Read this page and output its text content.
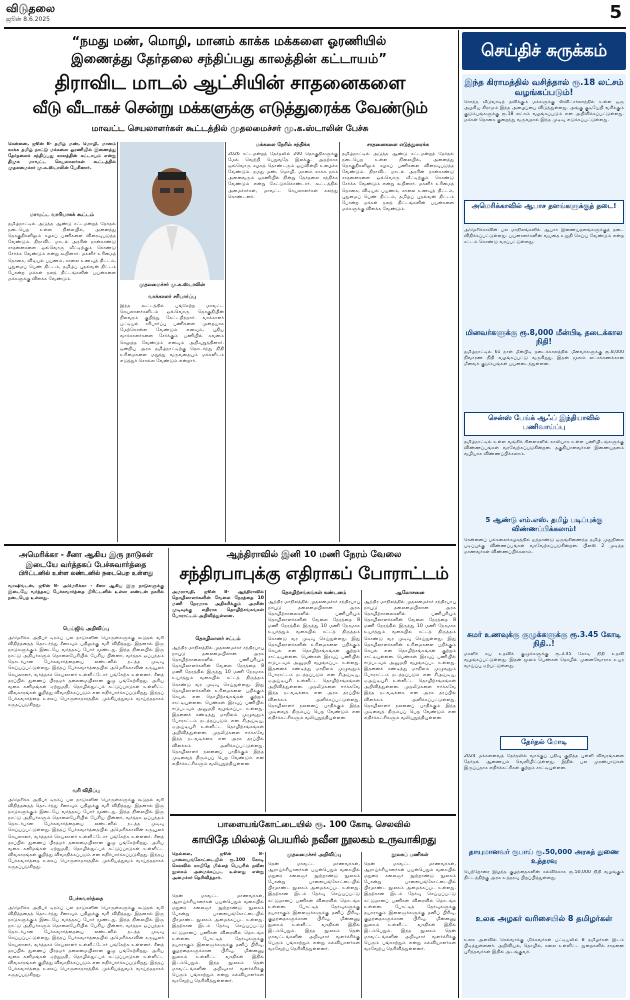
விடுதலை
ஜூன் 8.6.2025	5
“நமது மண், மொழி, மானம் காக்க மக்களை ஓரணியில்
இணைத்து தேர்தலை சந்திப்பது காலத்தின் கட்டாயம்”
திராவிட மாடல் ஆட்சியின் சாதனைகளை
வீடு வீடாகச் சென்று மக்களுக்கு எடுத்துரைக்க வேண்டும்
மாவட்ட செயலாளர்கள் கூட்டத்தில் முதலமைச்சர் மு.க.ஸ்டாலின் பேச்சு
சென்னை, ஜூன் 8- தமிழ் மண், மொழி, மானம் காக்க தமிழ் நாட்டு மக்களை ஓரணியில் இணைத்து தேர்தலைச் சந்திப்பது காலத்தின் கட்டாயம் என்று திமுக மாவட்ட செயலாளர்கள் கூட்டத்தில் முதலமைச்சர் மு.க.ஸ்டாலின் பேசினார்.
மாவட்ட வாரியாகக் கூட்டம்
தமிழ்நாட்டில் அடுத்த ஆண்டு சட்டமன்றத் தேர்தல் நடைபெற உள்ள நிலையில், அனைத்து தொகுதிகளிலும் கழகப் பணிகளை விரைவுபடுத்த வேண்டும். திராவிட மாடல் அரசின் நான்காண்டு சாதனைகளை ஒவ்வொரு வீட்டிற்கும் கொண்டு சேர்க்க வேண்டும் என்று கூறினார். மகளிர் உரிமைத் தொகை, விடியல் பயணம், காலை உணவுத் திட்டம், புதுமைப் பெண் திட்டம், தமிழ்ப் புதல்வன் திட்டம் போன்ற மக்கள் நலத் திட்டங்களின் பயன்களை மக்களுக்கு விளக்க வேண்டும்.
முதலமைச்சர் மு.க.ஸ்டாலின்
வாக்காளர் சரிபார்ப்பு
இந்த கூட்டத்தில் பங்கேற்ற மாவட்ட செயலாளர்களிடம் ஒவ்வொரு தொகுதியின் நிலவரம் குறித்து கேட்டறிந்தார். வாக்காளர் பட்டியல் சரிபார்ப்பு பணிகளை முறையாக மேற்கொள்ள வேண்டும் எனவும், புதிய வாக்காளர்களை சேர்க்கும் பணியில் கவனம் செலுத்த வேண்டும் எனவும் அறிவுறுத்தினார். ஒன்றிய அரசு தமிழ்நாட்டிற்கு தொடர்ந்து நிதி உரிமைகளை மறுத்து வருவதையும் மக்களிடம் எடுத்துச் சொல்ல வேண்டும் என்றார்.
மக்களை நேரில் சந்திக்க
2026 சட்டமன்றத் தேர்தலில் 200 தொகுதிகளுக்கு மேல் வெற்றி பெறுவதே இலக்கு. அதற்காக ஒவ்வொரு கழகத் தொண்டரும் ஓய்வின்றி உழைக்க வேண்டும். நமது மண், மொழி, மானம் காக்க நாம் அனைவரும் ஓரணியில் நின்று தேர்தலை சந்திக்க வேண்டும் என்று கேட்டுக்கொண்டார். கூட்டத்தில் அமைச்சர்கள், மாவட்ட செயலாளர்கள் கலந்து கொண்டனர்.
சாதனைகளை எடுத்துரைக்க
தமிழ்நாட்டில் அடுத்த ஆண்டு சட்டமன்றத் தேர்தல் நடைபெற உள்ள நிலையில், அனைத்து தொகுதிகளிலும் கழகப் பணிகளை விரைவுபடுத்த வேண்டும். திராவிட மாடல் அரசின் நான்காண்டு சாதனைகளை ஒவ்வொரு வீட்டிற்கும் கொண்டு சேர்க்க வேண்டும் என்று கூறினார். மகளிர் உரிமைத் தொகை, விடியல் பயணம், காலை உணவுத் திட்டம், புதுமைப் பெண் திட்டம், தமிழ்ப் புதல்வன் திட்டம் போன்ற மக்கள் நலத் திட்டங்களின் பயன்களை மக்களுக்கு விளக்க வேண்டும்.
அமெரிக்கா - சீனா ஆகிய இரு நாடுகள்
இடையே வர்த்தகப் பேச்சுவார்த்தை
பிரிட்டனில் உள்ள லண்டனில் நடைபெற உள்ளது
வாஷிங்டன், ஜூன் 8- அமெரிக்கா - சீனா ஆகிய இரு நாடுகளுக்கு இடையே வர்த்தகப் பேச்சுவார்த்தை பிரிட்டனில் உள்ள லண்டன் நகரில் நடைபெற உள்ளது.
பெய்ஜிங் அறிவிப்பு
அமெரிக்க அதிபர் டிரம்ப் பல நாடுகளின் பொருள்களுக்கு கூடுதல் வரி விதித்ததைத் தொடர்ந்து சீனாவும் பதிலுக்கு வரி விதித்தது. இதனால் இரு நாடுகளுக்கும் இடையே வர்த்தகப் போர் மூண்டது. இந்த நிலையில் இரு நாட்டு அதிபர்களும் தொலைபேசியில் பேசிய பின்னர், வர்த்தக ஒப்பந்தம் தொடர்பான பேச்சுவார்த்தையை லண்டனில் நடத்த முடிவு செய்யப்பட்டுள்ளது. இந்தப் பேச்சுவார்த்தையில் அமெரிக்காவின் கருவூலச் செயலாளர், வர்த்தகச் செயலாளர் உள்ளிட்டோர் பங்கேற்க உள்ளனர். சீனத் தரப்பில் துணைப் பிரதமர் தலைமையிலான குழு பங்கேற்கிறது. அரிய வகை கனிமங்கள் ஏற்றுமதி, தொழில்நுட்பக் கட்டுப்பாடுகள் உள்ளிட்ட விவகாரங்கள் குறித்து விவாதிக்கப்படும் என எதிர்பார்க்கப்படுகிறது. இந்தப் பேச்சுவார்த்தை உலகப் பொருளாதாரத்தில் முக்கியத்துவம் வாய்ந்ததாகக் கருதப்படுகிறது.
வரி விதிப்பு
அமெரிக்க அதிபர் டிரம்ப் பல நாடுகளின் பொருள்களுக்கு கூடுதல் வரி விதித்ததைத் தொடர்ந்து சீனாவும் பதிலுக்கு வரி விதித்தது. இதனால் இரு நாடுகளுக்கும் இடையே வர்த்தகப் போர் மூண்டது. இந்த நிலையில் இரு நாட்டு அதிபர்களும் தொலைபேசியில் பேசிய பின்னர், வர்த்தக ஒப்பந்தம் தொடர்பான பேச்சுவார்த்தையை லண்டனில் நடத்த முடிவு செய்யப்பட்டுள்ளது. இந்தப் பேச்சுவார்த்தையில் அமெரிக்காவின் கருவூலச் செயலாளர், வர்த்தகச் செயலாளர் உள்ளிட்டோர் பங்கேற்க உள்ளனர். சீனத் தரப்பில் துணைப் பிரதமர் தலைமையிலான குழு பங்கேற்கிறது. அரிய வகை கனிமங்கள் ஏற்றுமதி, தொழில்நுட்பக் கட்டுப்பாடுகள் உள்ளிட்ட விவகாரங்கள் குறித்து விவாதிக்கப்படும் என எதிர்பார்க்கப்படுகிறது. இந்தப் பேச்சுவார்த்தை உலகப் பொருளாதாரத்தில் முக்கியத்துவம் வாய்ந்ததாகக் கருதப்படுகிறது.
பேச்சுவார்த்தை
அமெரிக்க அதிபர் டிரம்ப் பல நாடுகளின் பொருள்களுக்கு கூடுதல் வரி விதித்ததைத் தொடர்ந்து சீனாவும் பதிலுக்கு வரி விதித்தது. இதனால் இரு நாடுகளுக்கும் இடையே வர்த்தகப் போர் மூண்டது. இந்த நிலையில் இரு நாட்டு அதிபர்களும் தொலைபேசியில் பேசிய பின்னர், வர்த்தக ஒப்பந்தம் தொடர்பான பேச்சுவார்த்தையை லண்டனில் நடத்த முடிவு செய்யப்பட்டுள்ளது. இந்தப் பேச்சுவார்த்தையில் அமெரிக்காவின் கருவூலச் செயலாளர், வர்த்தகச் செயலாளர் உள்ளிட்டோர் பங்கேற்க உள்ளனர். சீனத் தரப்பில் துணைப் பிரதமர் தலைமையிலான குழு பங்கேற்கிறது. அரிய வகை கனிமங்கள் ஏற்றுமதி, தொழில்நுட்பக் கட்டுப்பாடுகள் உள்ளிட்ட விவகாரங்கள் குறித்து விவாதிக்கப்படும் என எதிர்பார்க்கப்படுகிறது. இந்தப் பேச்சுவார்த்தை உலகப் பொருளாதாரத்தில் முக்கியத்துவம் வாய்ந்ததாகக் கருதப்படுகிறது.
ஆந்திராவில் இனி 10 மணி நேரம் வேலை
சந்திரபாபுக்கு எதிராகப் போராட்டம்
அமராவதி, ஜூன் 8- ஆந்திராவில் தொழிலாளர்களின் வேலை நேரத்தை 10 மணி நேரமாக அதிகரிக்கும் அரசின் முடிவுக்கு எதிராக தொழிற்சங்கங்கள் போராட்டம் அறிவித்துள்ளன.
தொழிலாளர் சட்டம்
ஆந்திர மாநிலத்தில் முதலமைச்சர் சந்திரபாபு நாயுடு தலைமையிலான அரசு தொழிற்சாலைகளில் பணிபுரியும் தொழிலாளர்களின் வேலை நேரத்தை 8 மணி நேரத்தில் இருந்து 10 மணி நேரமாக உயர்த்தும் வகையில் சட்டத் திருத்தம் கொண்டு வர முடிவு செய்துள்ளது. இது தொழிலாளர்களின் உரிமைகளை பறிக்கும் செயல் என தொழிற்சங்கங்கள் குற்றம் சாட்டியுள்ளன. பெண்கள் இரவுப் பணியில் ஈடுபடவும் அனுமதி வழங்கப்பட உள்ளது. இதனைக் கண்டித்து மாநிலம் முழுவதும் போராட்டம் நடத்தப்படும் என சிஅய்டியு, ஏஅய்டியுசி உள்ளிட்ட தொழிற்சங்கங்கள் அறிவித்துள்ளன. முதலீடுகளை ஈர்க்கவே இந்த நடவடிக்கை என அரசு தரப்பில் விளக்கம் அளிக்கப்பட்டுள்ளது. தொழிலாளர் நலனைப் பாதிக்கும் இந்த முடிவைத் திரும்பப் பெற வேண்டும் என எதிர்க்கட்சிகளும் வலியுறுத்தியுள்ளன.
தொழிற்சங்கங்கள் கண்டனம்
ஆந்திர மாநிலத்தில் முதலமைச்சர் சந்திரபாபு நாயுடு தலைமையிலான அரசு தொழிற்சாலைகளில் பணிபுரியும் தொழிலாளர்களின் வேலை நேரத்தை 8 மணி நேரத்தில் இருந்து 10 மணி நேரமாக உயர்த்தும் வகையில் சட்டத் திருத்தம் கொண்டு வர முடிவு செய்துள்ளது. இது தொழிலாளர்களின் உரிமைகளை பறிக்கும் செயல் என தொழிற்சங்கங்கள் குற்றம் சாட்டியுள்ளன. பெண்கள் இரவுப் பணியில் ஈடுபடவும் அனுமதி வழங்கப்பட உள்ளது. இதனைக் கண்டித்து மாநிலம் முழுவதும் போராட்டம் நடத்தப்படும் என சிஅய்டியு, ஏஅய்டியுசி உள்ளிட்ட தொழிற்சங்கங்கள் அறிவித்துள்ளன. முதலீடுகளை ஈர்க்கவே இந்த நடவடிக்கை என அரசு தரப்பில் விளக்கம் அளிக்கப்பட்டுள்ளது. தொழிலாளர் நலனைப் பாதிக்கும் இந்த முடிவைத் திரும்பப் பெற வேண்டும் என எதிர்க்கட்சிகளும் வலியுறுத்தியுள்ளன.
ஆலோசனை
ஆந்திர மாநிலத்தில் முதலமைச்சர் சந்திரபாபு நாயுடு தலைமையிலான அரசு தொழிற்சாலைகளில் பணிபுரியும் தொழிலாளர்களின் வேலை நேரத்தை 8 மணி நேரத்தில் இருந்து 10 மணி நேரமாக உயர்த்தும் வகையில் சட்டத் திருத்தம் கொண்டு வர முடிவு செய்துள்ளது. இது தொழிலாளர்களின் உரிமைகளை பறிக்கும் செயல் என தொழிற்சங்கங்கள் குற்றம் சாட்டியுள்ளன. பெண்கள் இரவுப் பணியில் ஈடுபடவும் அனுமதி வழங்கப்பட உள்ளது. இதனைக் கண்டித்து மாநிலம் முழுவதும் போராட்டம் நடத்தப்படும் என சிஅய்டியு, ஏஅய்டியுசி உள்ளிட்ட தொழிற்சங்கங்கள் அறிவித்துள்ளன. முதலீடுகளை ஈர்க்கவே இந்த நடவடிக்கை என அரசு தரப்பில் விளக்கம் அளிக்கப்பட்டுள்ளது. தொழிலாளர் நலனைப் பாதிக்கும் இந்த முடிவைத் திரும்பப் பெற வேண்டும் என எதிர்க்கட்சிகளும் வலியுறுத்தியுள்ளன.
பாளையங்கோட்டையில் ரூ. 100 கோடி செலவில்
காயிதே மில்லத் பெயரில் நவீன நூலகம் உருவாகிறது
நெல்லை, ஜூன் 8- பாளையங்கோட்டையில் ரூ.100 கோடி செலவில் காயிதே மில்லத் பெயரில் நவீன நூலகம் அமைக்கப்பட உள்ளது என்று அமைச்சர் தெரிவித்தார்.
தென் மாவட்ட மாணவர்கள், ஆராய்ச்சியாளர்கள் பயன்பெறும் வகையில் மதுரை கலைஞர் நூற்றாண்டு நூலகம் போன்று பாளையங்கோட்டையில் பிரமாண்ட நூலகம் அமைக்கப்பட உள்ளது. இதற்கான இடம் தேர்வு செய்யப்பட்டு கட்டுமானப் பணிகள் விரைவில் தொடங்க உள்ளன. போட்டித் தேர்வுகளுக்கு தயாராகும் இளைஞர்களுக்கு தனிப் பிரிவு, குழந்தைகளுக்கான பிரிவு, மின்னணு நூலகம் உள்ளிட்ட வசதிகள் இதில் இடம்பெறும். இந்த நூலகம் தென் மாவட்டங்களின் அறிவுசார் வளர்ச்சிக்கு பெரும் பங்காற்றும் என்று கல்வியாளர்கள் வரவேற்பு தெரிவித்துள்ளனர்.
முதலமைச்சர் அறிவிப்பு
தென் மாவட்ட மாணவர்கள், ஆராய்ச்சியாளர்கள் பயன்பெறும் வகையில் மதுரை கலைஞர் நூற்றாண்டு நூலகம் போன்று பாளையங்கோட்டையில் பிரமாண்ட நூலகம் அமைக்கப்பட உள்ளது. இதற்கான இடம் தேர்வு செய்யப்பட்டு கட்டுமானப் பணிகள் விரைவில் தொடங்க உள்ளன. போட்டித் தேர்வுகளுக்கு தயாராகும் இளைஞர்களுக்கு தனிப் பிரிவு, குழந்தைகளுக்கான பிரிவு, மின்னணு நூலகம் உள்ளிட்ட வசதிகள் இதில் இடம்பெறும். இந்த நூலகம் தென் மாவட்டங்களின் அறிவுசார் வளர்ச்சிக்கு பெரும் பங்காற்றும் என்று கல்வியாளர்கள் வரவேற்பு தெரிவித்துள்ளனர்.
நூலகப் பணிகள்
தென் மாவட்ட மாணவர்கள், ஆராய்ச்சியாளர்கள் பயன்பெறும் வகையில் மதுரை கலைஞர் நூற்றாண்டு நூலகம் போன்று பாளையங்கோட்டையில் பிரமாண்ட நூலகம் அமைக்கப்பட உள்ளது. இதற்கான இடம் தேர்வு செய்யப்பட்டு கட்டுமானப் பணிகள் விரைவில் தொடங்க உள்ளன. போட்டித் தேர்வுகளுக்கு தயாராகும் இளைஞர்களுக்கு தனிப் பிரிவு, குழந்தைகளுக்கான பிரிவு, மின்னணு நூலகம் உள்ளிட்ட வசதிகள் இதில் இடம்பெறும். இந்த நூலகம் தென் மாவட்டங்களின் அறிவுசார் வளர்ச்சிக்கு பெரும் பங்காற்றும் என்று கல்வியாளர்கள் வரவேற்பு தெரிவித்துள்ளனர்.
செய்திச் சுருக்கம்
இந்த கிராமத்தில் வசித்தால் ரூ.18 லட்சம் வழங்கப்படும்!
சொந்த வீடுவாடித் தவிக்கும் மக்களுக்கு ஸ்விட்சர்லாந்தில் உள்ள ஒரு அழகிய கிராமம் இந்த அழைப்பை விடுத்துள்ளது. அங்கு குடியேறி வசிக்கும் குடும்பங்களுக்கு ரூ.18 லட்சம் வழங்கப்படும் என அறிவிக்கப்பட்டுள்ளது. மக்கள் தொகை குறைந்து வருவதால் இந்த முடிவு எடுக்கப்பட்டுள்ளது.
அமெரிக்காவில் ஆபாச தளங்களுக்குத் தடை!
அமெரிக்காவின் பல மாநிலங்களில் ஆபாச இணையதளங்களுக்குத் தடை விதிக்கப்பட்டுள்ளது. பயனாளர்களின் வயதை உறுதி செய்ய வேண்டும் என்ற சட்டம் கொண்டு வரப்பட்டுள்ளது.
மினவர்களுக்கு ரூ.8,000 மீன்பிடி தடைக்கால நிதி!
தமிழ்நாட்டில் 61 நாள் மீன்பிடி தடைக்காலத்தில் மீனவர்களுக்கு ரூ.8,000 நிவாரண நிதி வழங்கப்பட்டு வருகிறது. இதன் மூலம் லட்சக்கணக்கான மீனவக் குடும்பங்கள் பயனடைந்துள்ளன.
சென்ஸ் பேங்க் ஆஃப் இந்தியாவில் பணிவாய்ப்பு
தமிழ்நாட்டில் உள்ள வங்கிக் கிளைகளில் காலியாக உள்ள பணியிடங்களுக்கு விண்ணப்பங்கள் வரவேற்கப்படுகின்றன. தகுதியானவர்கள் இணையதளம் வழியாக விண்ணப்பிக்கலாம்.
5 ஆண்டு எம்.எஸ். தமிழ் படிப்புக்கு விண்ணப்பிக்கலாம்!
சென்னைப் பல்கலைக்கழகத்தில் ஐந்தாண்டு ஒருங்கிணைந்த தமிழ் முதுநிலை படிப்புக்கு விண்ணப்பங்கள் வரவேற்கப்படுகின்றன. பிளஸ் 2 முடித்த மாணவர்கள் விண்ணப்பிக்கலாம்.
சுமர் உணவுக்கு குழுக்களுக்கு ரூ.3.45 கோடி நிதி..!
மகளிர் சுய உதவிக் குழுக்களுக்கு ரூ.3.45 கோடி நிதி உதவி வழங்கப்பட்டுள்ளது. இதன் மூலம் பெண்கள் தொழில் முனைவோராக உயர வாய்ப்பு ஏற்பட்டுள்ளது.
தேர்தல் மோடி
2024 மக்களவைத் தேர்தலில் வாக்குப் பதிவு குறித்த புள்ளி விவரங்களை தேர்தல் ஆணையம் வெளியிட்டுள்ளது. இதில் பல முரண்பாடுகள் இருப்பதாக எதிர்க்கட்சிகள் குற்றம் சாட்டியுள்ளன.
தாயுமானவர் ரூபாய் ரூ.50,000 அரசுத் துணை உத்தரவு
பெற்றோரை இழந்த குழந்தைகளின் கல்விக்காக ரூ.50,000 நிதி வழங்கும் திட்டத்திற்கு அரசு உத்தரவு பிறப்பித்துள்ளது.
உலக அழகர் வரிசையில் 8 தமிழர்கள்
உலக அளவில் செல்வாக்கு மிக்கவர்கள் பட்டியலில் 8 தமிழர்கள் இடம் பிடித்துள்ளனர். அறிவியல், தொழில், கலை உள்ளிட்ட துறைகளில் சாதனை புரிந்தவர்கள் இதில் அடங்குவர்.
